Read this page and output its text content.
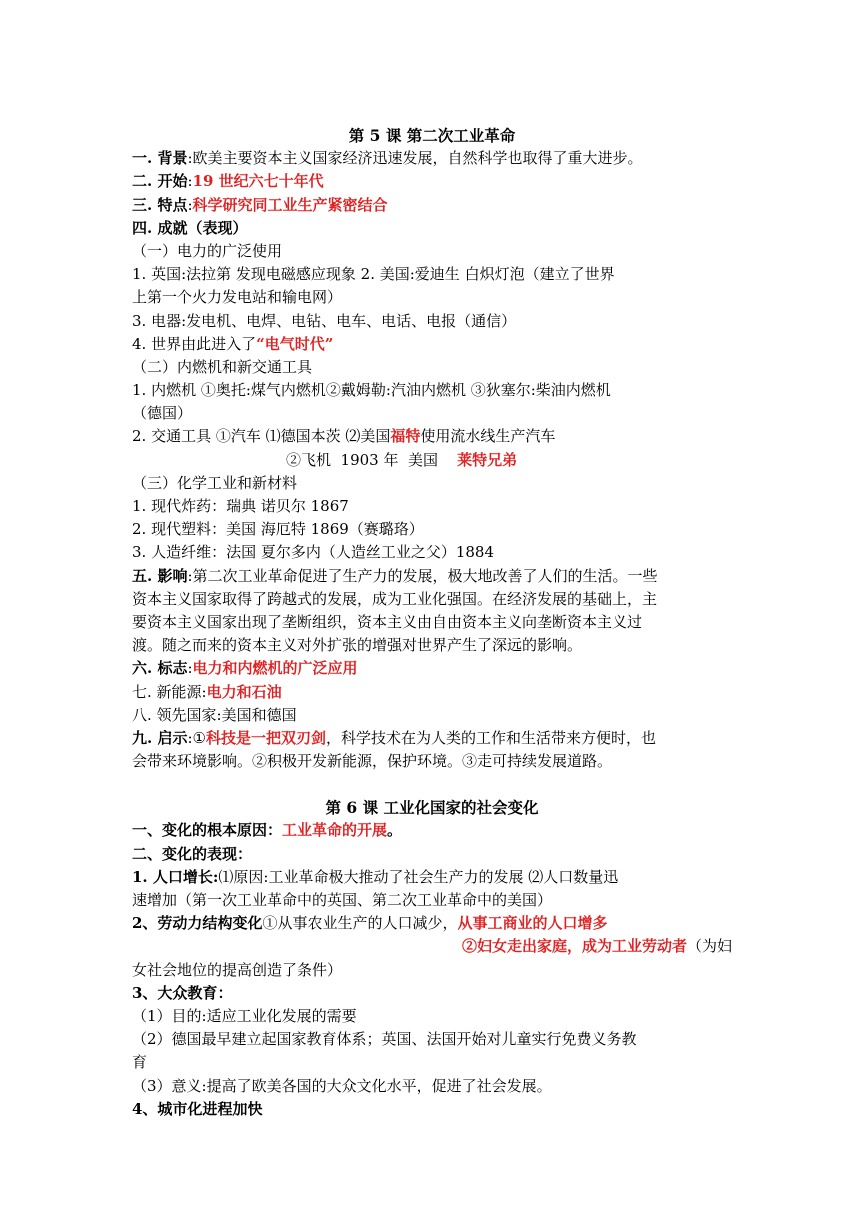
第 5 课 第二次工业革命
一. 背景:欧美主要资本主义国家经济迅速发展，自然科学也取得了重大进步。
二. 开始:19 世纪六七十年代
三. 特点:科学研究同工业生产紧密结合
四. 成就（表现）
（一）电力的广泛使用
1. 英国:法拉第 发现电磁感应现象 2. 美国:爱迪生 白炽灯泡（建立了世界
上第一个火力发电站和输电网）
3. 电器:发电机、电焊、电钻、电车、电话、电报（通信）
4. 世界由此进入了“电气时代”
（二）内燃机和新交通工具
1. 内燃机 ①奥托:煤气内燃机②戴姆勒:汽油内燃机 ③狄塞尔:柴油内燃机
（德国）
2. 交通工具 ①汽车 ⑴德国本茨 ⑵美国福特使用流水线生产汽车
②飞机  1903 年  美国    莱特兄弟
（三）化学工业和新材料
1. 现代炸药：瑞典 诺贝尔 1867
2. 现代塑料：美国 海厄特 1869（赛璐珞）
3. 人造纤维：法国 夏尔多内（人造丝工业之父）1884
五. 影响:第二次工业革命促进了生产力的发展，极大地改善了人们的生活。一些
资本主义国家取得了跨越式的发展，成为工业化强国。在经济发展的基础上，主
要资本主义国家出现了垄断组织，资本主义由自由资本主义向垄断资本主义过
渡。随之而来的资本主义对外扩张的增强对世界产生了深远的影响。
六. 标志:电力和内燃机的广泛应用
七. 新能源:电力和石油
八. 领先国家:美国和德国
九. 启示:①科技是一把双刃剑，科学技术在为人类的工作和生活带来方便时，也
会带来环境影响。②积极开发新能源，保护环境。③走可持续发展道路。
第 6 课 工业化国家的社会变化
一、变化的根本原因：工业革命的开展。
二、变化的表现：
1. 人口增长:⑴原因:工业革命极大推动了社会生产力的发展 ⑵人口数量迅
速增加（第一次工业革命中的英国、第二次工业革命中的美国）
2、劳动力结构变化①从事农业生产的人口减少，从事工商业的人口增多
②妇女走出家庭，成为工业劳动者（为妇
女社会地位的提高创造了条件）
3、大众教育：
（1）目的:适应工业化发展的需要
（2）德国最早建立起国家教育体系；英国、法国开始对儿童实行免费义务教
育
（3）意义:提高了欧美各国的大众文化水平，促进了社会发展。
4、城市化进程加快
